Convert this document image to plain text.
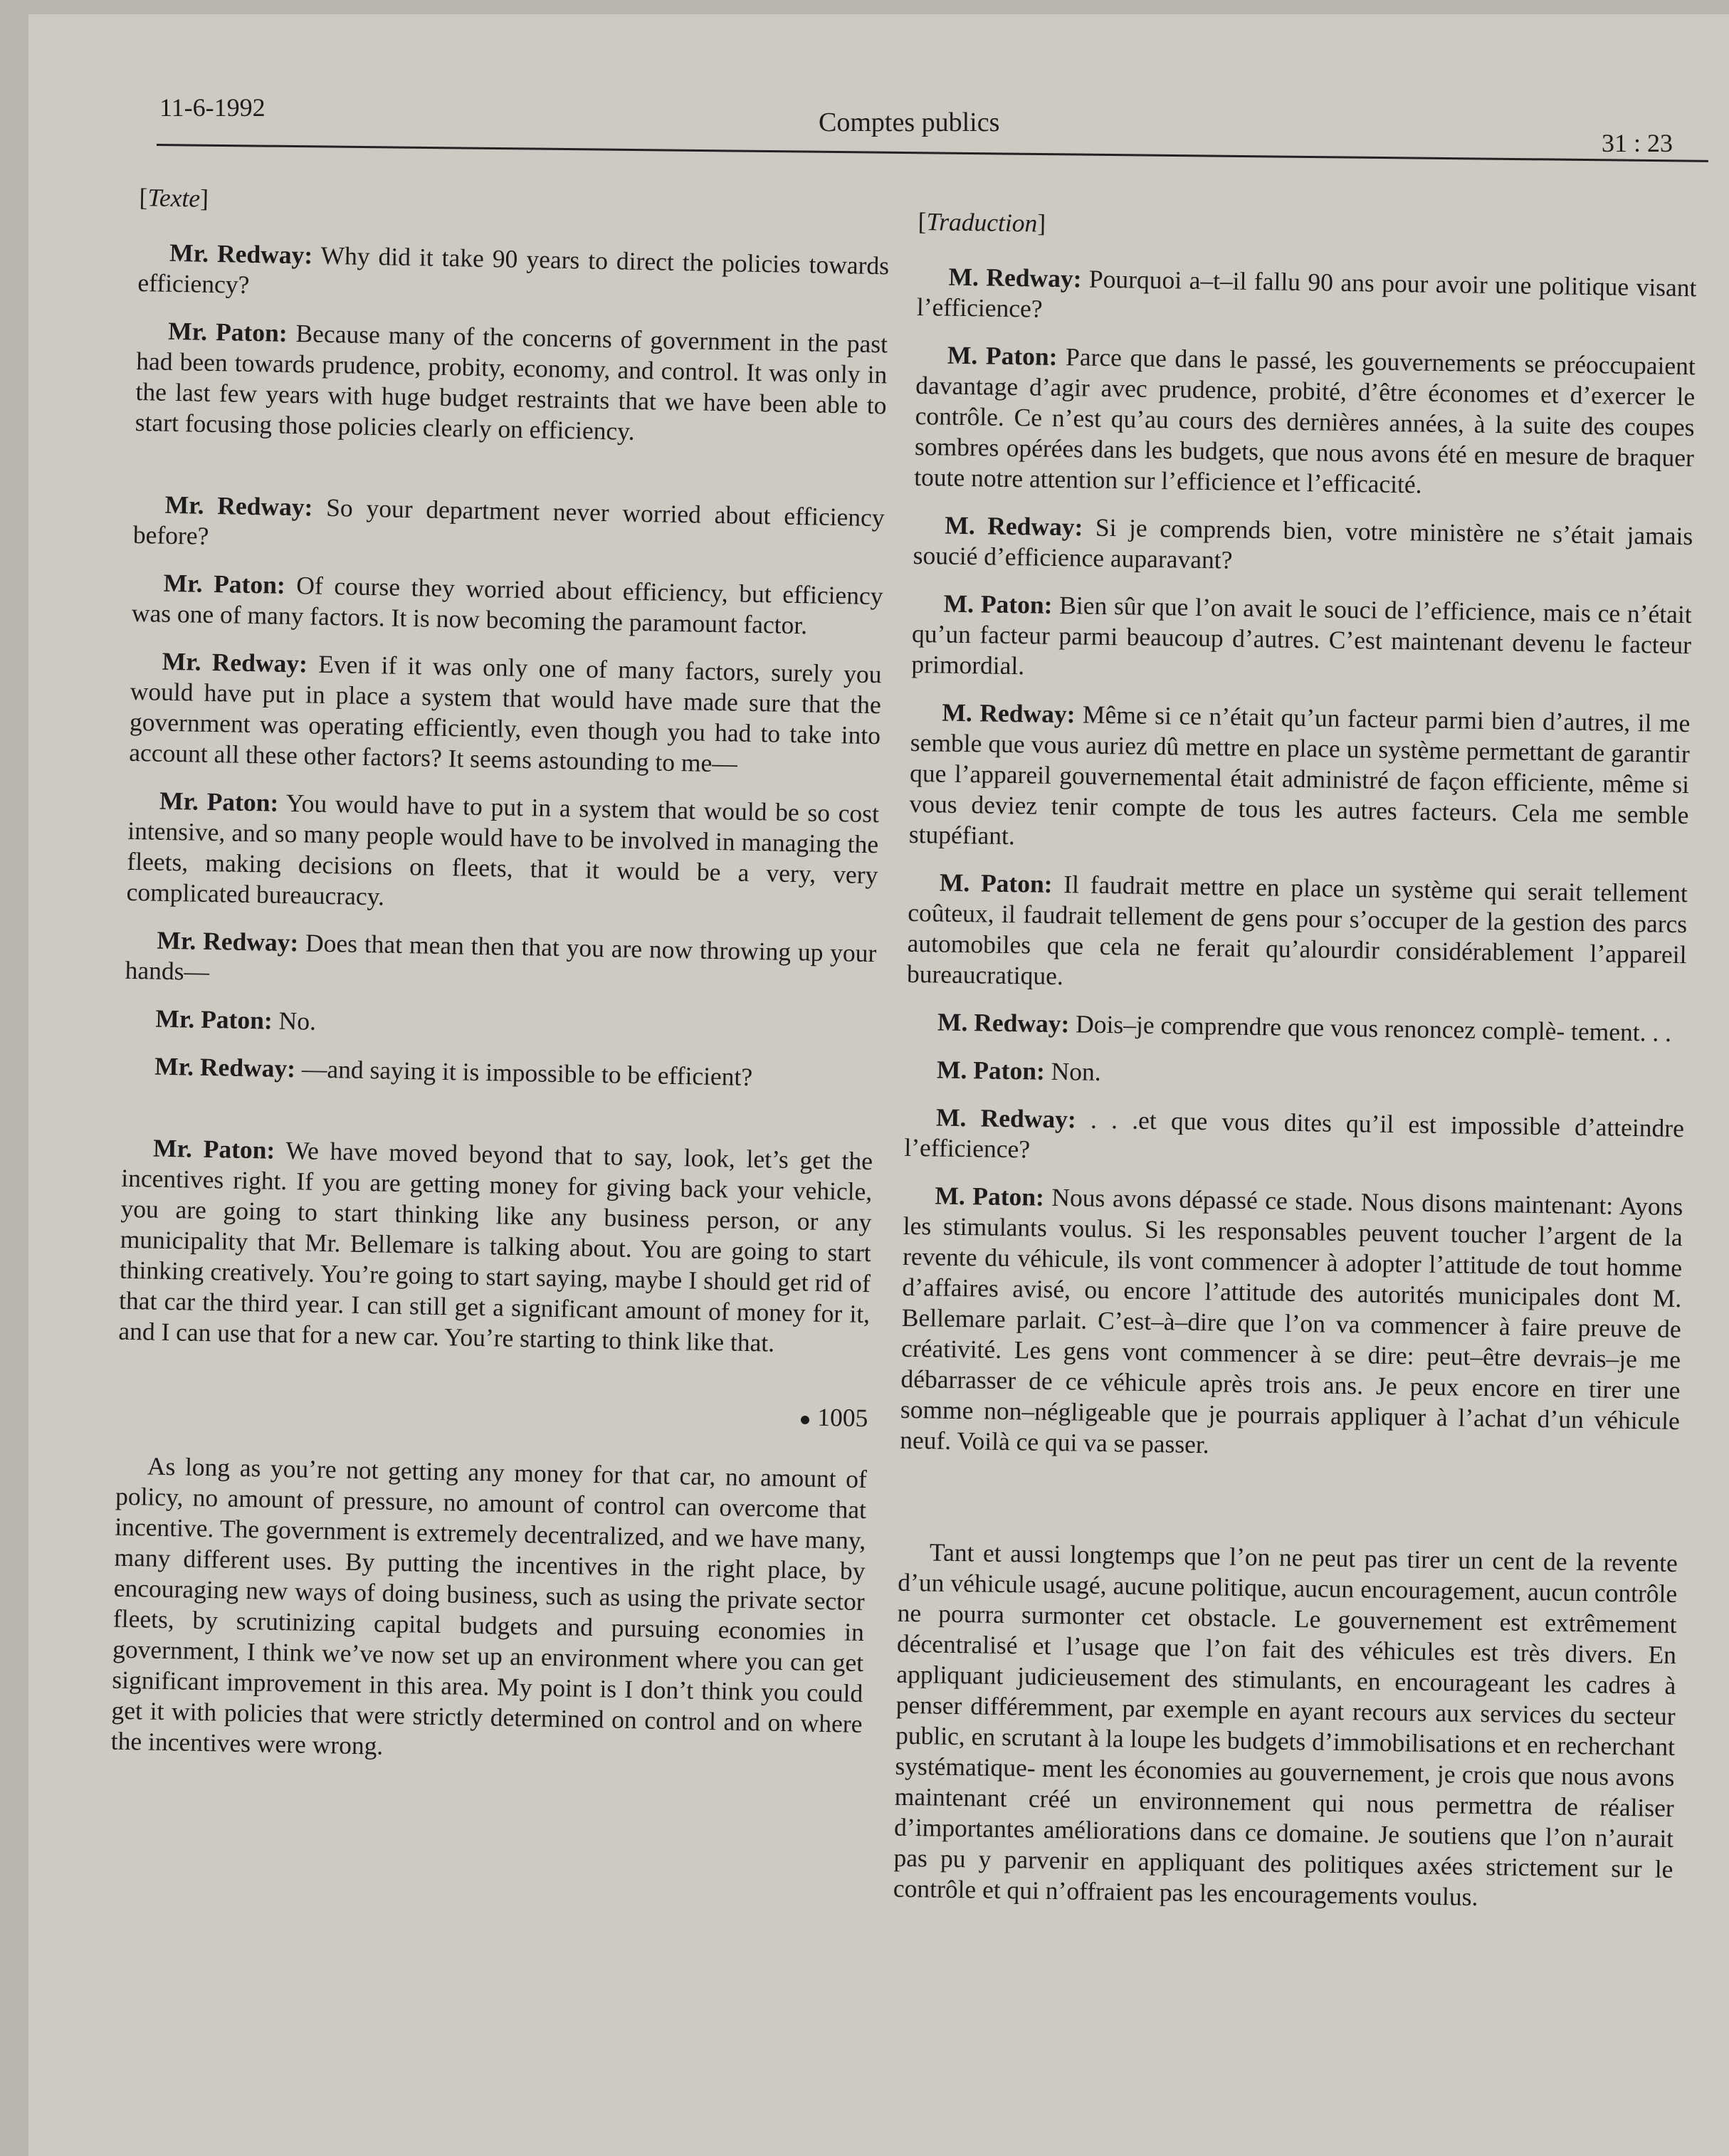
11-6-1992	Comptes publics
31 : 23

[Texte]

Mr. Redway: Why did it take 90 years to direct the policies towards efficiency?

Mr. Paton: Because many of the concerns of government in the past had been towards prudence, probity, economy, and control. It was only in the last few years with huge budget restraints that we have been able to start focusing those policies clearly on efficiency.

Mr. Redway: So your department never worried about efficiency before?

Mr. Paton: Of course they worried about efficiency, but efficiency was one of many factors. It is now becoming the paramount factor.

Mr. Redway: Even if it was only one of many factors, surely you would have put in place a system that would have made sure that the government was operating efficiently, even though you had to take into account all these other factors? It seems astounding to me—

Mr. Paton: You would have to put in a system that would be so cost intensive, and so many people would have to be involved in managing the fleets, making decisions on fleets, that it would be a very, very complicated bureaucracy.

Mr. Redway: Does that mean then that you are now throwing up your hands—

Mr. Paton: No.

Mr. Redway: —and saying it is impossible to be efficient?

Mr. Paton: We have moved beyond that to say, look, let’s get the incentives right. If you are getting money for giving back your vehicle, you are going to start thinking like any business person, or any municipality that Mr. Bellemare is talking about. You are going to start thinking creatively. You’re going to start saying, maybe I should get rid of that car the third year. I can still get a significant amount of money for it, and I can use that for a new car. You’re starting to think like that.

● 1005

As long as you’re not getting any money for that car, no amount of policy, no amount of pressure, no amount of control can overcome that incentive. The government is extremely decentralized, and we have many, many different uses. By putting the incentives in the right place, by encouraging new ways of doing business, such as using the private sector fleets, by scrutinizing capital budgets and pursuing economies in government, I think we’ve now set up an environment where you can get significant improvement in this area. My point is I don’t think you could get it with policies that were strictly determined on control and on where the incentives were wrong.

[Traduction]

M. Redway: Pourquoi a–t–il fallu 90 ans pour avoir une politique visant l’efficience?

M. Paton: Parce que dans le passé, les gouvernements se préoccupaient davantage d’agir avec prudence, probité, d’être économes et d’exercer le contrôle. Ce n’est qu’au cours des dernières années, à la suite des coupes sombres opérées dans les budgets, que nous avons été en mesure de braquer toute notre attention sur l’efficience et l’efficacité.

M. Redway: Si je comprends bien, votre ministère ne s’était jamais soucié d’efficience auparavant?

M. Paton: Bien sûr que l’on avait le souci de l’efficience, mais ce n’était qu’un facteur parmi beaucoup d’autres. C’est maintenant devenu le facteur primordial.

M. Redway: Même si ce n’était qu’un facteur parmi bien d’autres, il me semble que vous auriez dû mettre en place un système permettant de garantir que l’appareil gouvernemental était administré de façon efficiente, même si vous deviez tenir compte de tous les autres facteurs. Cela me semble stupéfiant.

M. Paton: Il faudrait mettre en place un système qui serait tellement coûteux, il faudrait tellement de gens pour s’occuper de la gestion des parcs automobiles que cela ne ferait qu’alourdir considérablement l’appareil bureaucratique.

M. Redway: Dois–je comprendre que vous renoncez complè- tement. . .

M. Paton: Non.

M. Redway: . . .et que vous dites qu’il est impossible d’atteindre l’efficience?

M. Paton: Nous avons dépassé ce stade. Nous disons maintenant: Ayons les stimulants voulus. Si les responsables peuvent toucher l’argent de la revente du véhicule, ils vont commencer à adopter l’attitude de tout homme d’affaires avisé, ou encore l’attitude des autorités municipales dont M. Bellemare parlait. C’est–à–dire que l’on va commencer à faire preuve de créativité. Les gens vont commencer à se dire: peut–être devrais–je me débarrasser de ce véhicule après trois ans. Je peux encore en tirer une somme non–négligeable que je pourrais appliquer à l’achat d’un véhicule neuf. Voilà ce qui va se passer.

Tant et aussi longtemps que l’on ne peut pas tirer un cent de la revente d’un véhicule usagé, aucune politique, aucun encouragement, aucun contrôle ne pourra surmonter cet obstacle. Le gouvernement est extrêmement décentralisé et l’usage que l’on fait des véhicules est très divers. En appliquant judicieusement des stimulants, en encourageant les cadres à penser différemment, par exemple en ayant recours aux services du secteur public, en scrutant à la loupe les budgets d’immobilisations et en recherchant systématique- ment les économies au gouvernement, je crois que nous avons maintenant créé un environnement qui nous permettra de réaliser d’importantes améliorations dans ce domaine. Je soutiens que l’on n’aurait pas pu y parvenir en appliquant des politiques axées strictement sur le contrôle et qui n’offraient pas les encouragements voulus.
